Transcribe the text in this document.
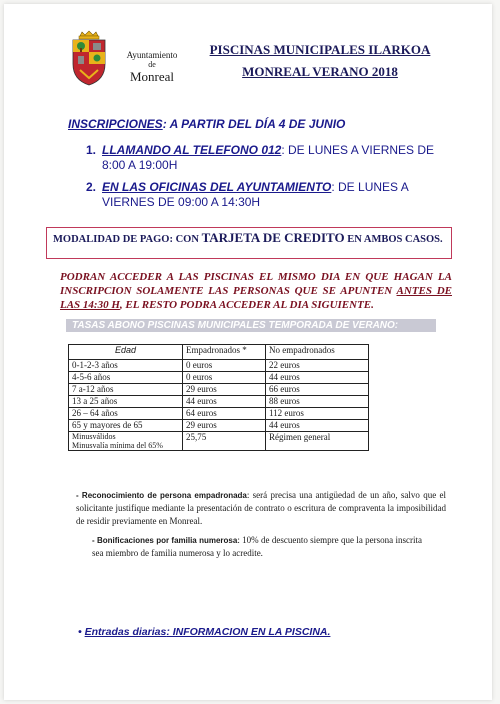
Ayuntamiento
de
Monreal
PISCINAS MUNICIPALES ILARKOA
MONREAL VERANO 2018
INSCRIPCIONES: A PARTIR DEL DÍA 4 DE JUNIO
1. LLAMANDO AL TELEFONO 012: DE LUNES A VIERNES DE 8:00 A 19:00H
2. EN LAS OFICINAS DEL AYUNTAMIENTO: DE LUNES A VIERNES DE 09:00 A 14:30H
MODALIDAD DE PAGO: CON TARJETA DE CREDITO EN AMBOS CASOS.
PODRAN ACCEDER A LAS PISCINAS EL MISMO DIA EN QUE HAGAN LA INSCRIPCION SOLAMENTE LAS PERSONAS QUE SE APUNTEN ANTES DE LAS 14:30 H, EL RESTO PODRA ACCEDER AL DIA SIGUIENTE.
TASAS ABONO PISCINAS MUNICIPALES TEMPORADA DE VERANO:
Edad	Empadronados *	No empadronados
0-1-2-3 años	0 euros	22 euros
4-5-6 años	0 euros	44 euros
7 a-12 años	29 euros	66 euros
13 a 25 años	44 euros	88 euros
26 – 64 años	64 euros	112 euros
65 y mayores de 65	29 euros	44 euros

Minusválidos
Minusvalía mínima del 65%	25,75	Régimen general
- Reconocimiento de persona empadronada: será precisa una antigüedad de un año, salvo que el solicitante justifique mediante la presentación de contrato o escritura de compraventa la imposibilidad de residir previamente en Monreal.
- Bonificaciones por familia numerosa: 10% de descuento siempre que la persona inscrita sea miembro de familia numerosa y lo acredite.
• Entradas diarias: INFORMACION EN LA PISCINA.
